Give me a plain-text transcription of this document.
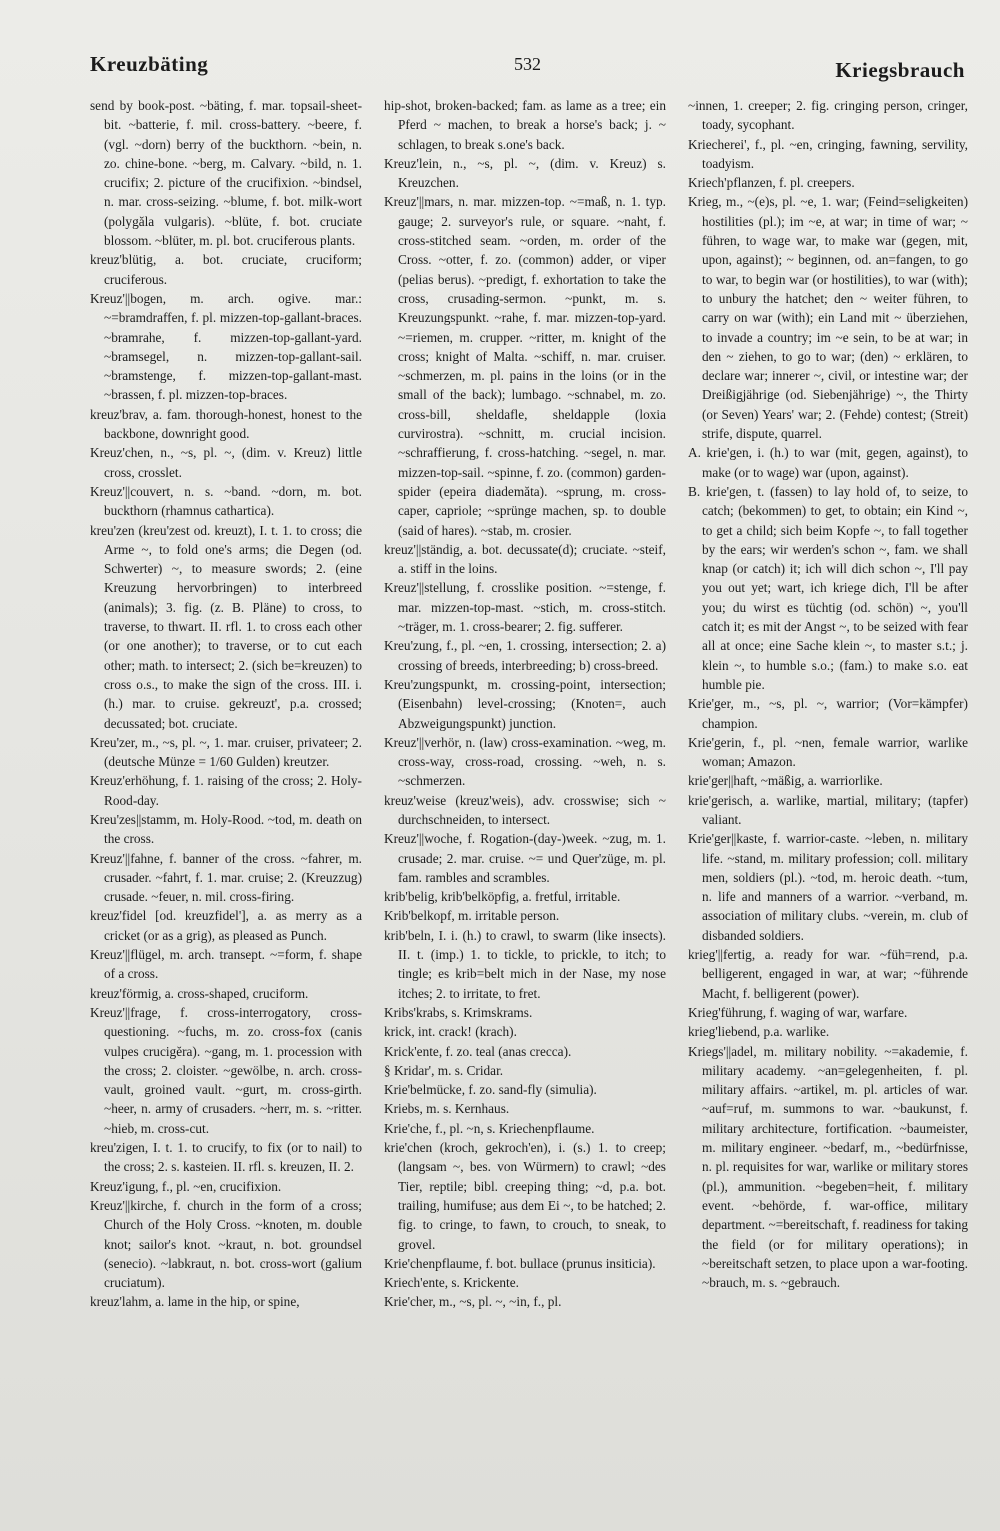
Kreuzbäting	532	Kriegsbrauch

send by book-post. ~bäting, f. mar. topsail-sheet-bit. ~batterie, f. mil. cross-battery. ~beere, f. (vgl. ~dorn) berry of the buckthorn. ~bein, n. zo. chine-bone. ~berg, m. Calvary. ~bild, n. 1. crucifix; 2. picture of the crucifixion. ~bindsel, n. mar. cross-seizing. ~blume, f. bot. milk-wort (polygăla vulgaris). ~blüte, f. bot. cruciate blossom. ~blüter, m. pl. bot. cruciferous plants.

kreuz'blütig, a. bot. cruciate, cruciform; cruciferous.

Kreuz'||bogen, m. arch. ogive. mar.: ~=bramdraffen, f. pl. mizzen-top-gallant-braces. ~bramrahe, f. mizzen-top-gallant-yard. ~bramsegel, n. mizzen-top-gallant-sail. ~bramstenge, f. mizzen-top-gallant-mast. ~brassen, f. pl. mizzen-top-braces.

kreuz'brav, a. fam. thorough-honest, honest to the backbone, downright good.

Kreuz'chen, n., ~s, pl. ~, (dim. v. Kreuz) little cross, crosslet.

Kreuz'||couvert, n. s. ~band. ~dorn, m. bot. buckthorn (rhamnus cathartica).

kreu'zen (kreu'zest od. kreuzt), I. t. 1. to cross; die Arme ~, to fold one's arms; die Degen (od. Schwerter) ~, to measure swords; 2. (eine Kreuzung hervorbringen) to interbreed (animals); 3. fig. (z. B. Pläne) to cross, to traverse, to thwart. II. rfl. 1. to cross each other (or one another); to traverse, or to cut each other; math. to intersect; 2. (sich be=kreuzen) to cross o.s., to make the sign of the cross. III. i. (h.) mar. to cruise. gekreuzt', p.a. crossed; decussated; bot. cruciate.

Kreu'zer, m., ~s, pl. ~, 1. mar. cruiser, privateer; 2. (deutsche Münze = 1/60 Gulden) kreutzer.

Kreuz'erhöhung, f. 1. raising of the cross; 2. Holy-Rood-day.

Kreu'zes||stamm, m. Holy-Rood. ~tod, m. death on the cross.

Kreuz'||fahne, f. banner of the cross. ~fahrer, m. crusader. ~fahrt, f. 1. mar. cruise; 2. (Kreuzzug) crusade. ~feuer, n. mil. cross-firing.

kreuz'fidel [od. kreuzfidel'], a. as merry as a cricket (or as a grig), as pleased as Punch.

Kreuz'||flügel, m. arch. transept. ~=form, f. shape of a cross.

kreuz'förmig, a. cross-shaped, cruciform.

Kreuz'||frage, f. cross-interrogatory, cross-questioning. ~fuchs, m. zo. cross-fox (canis vulpes crucigĕra). ~gang, m. 1. procession with the cross; 2. cloister. ~gewölbe, n. arch. cross-vault, groined vault. ~gurt, m. cross-girth. ~heer, n. army of crusaders. ~herr, m. s. ~ritter. ~hieb, m. cross-cut.

kreu'zigen, I. t. 1. to crucify, to fix (or to nail) to the cross; 2. s. kasteien. II. rfl. s. kreuzen, II. 2.

Kreuz'igung, f., pl. ~en, crucifixion.

Kreuz'||kirche, f. church in the form of a cross; Church of the Holy Cross. ~knoten, m. double knot; sailor's knot. ~kraut, n. bot. groundsel (senecio). ~labkraut, n. bot. cross-wort (galium cruciatum).

kreuz'lahm, a. lame in the hip, or spine,

hip-shot, broken-backed; fam. as lame as a tree; ein Pferd ~ machen, to break a horse's back; j. ~ schlagen, to break s.one's back.

Kreuz'lein, n., ~s, pl. ~, (dim. v. Kreuz) s. Kreuzchen.

Kreuz'||mars, n. mar. mizzen-top. ~=maß, n. 1. typ. gauge; 2. surveyor's rule, or square. ~naht, f. cross-stitched seam. ~orden, m. order of the Cross. ~otter, f. zo. (common) adder, or viper (pelias berus). ~predigt, f. exhortation to take the cross, crusading-sermon. ~punkt, m. s. Kreuzungspunkt. ~rahe, f. mar. mizzen-top-yard. ~=riemen, m. crupper. ~ritter, m. knight of the cross; knight of Malta. ~schiff, n. mar. cruiser. ~schmerzen, m. pl. pains in the loins (or in the small of the back); lumbago. ~schnabel, m. zo. cross-bill, sheldafle, sheldapple (loxia curvirostra). ~schnitt, m. crucial incision. ~schraffierung, f. cross-hatching. ~segel, n. mar. mizzen-top-sail. ~spinne, f. zo. (common) garden-spider (epeira diademăta). ~sprung, m. cross-caper, capriole; ~sprünge machen, sp. to double (said of hares). ~stab, m. crosier.

kreuz'||ständig, a. bot. decussate(d); cruciate. ~steif, a. stiff in the loins.

Kreuz'||stellung, f. crosslike position. ~=stenge, f. mar. mizzen-top-mast. ~stich, m. cross-stitch. ~träger, m. 1. cross-bearer; 2. fig. sufferer.

Kreu'zung, f., pl. ~en, 1. crossing, intersection; 2. a) crossing of breeds, interbreeding; b) cross-breed.

Kreu'zungspunkt, m. crossing-point, intersection; (Eisenbahn) level-crossing; (Knoten=, auch Abzweigungspunkt) junction.

Kreuz'||verhör, n. (law) cross-examination. ~weg, m. cross-way, cross-road, crossing. ~weh, n. s. ~schmerzen.

kreuz'weise (kreuz'weis), adv. crosswise; sich ~ durchschneiden, to intersect.

Kreuz'||woche, f. Rogation-(day-)week. ~zug, m. 1. crusade; 2. mar. cruise. ~= und Quer'züge, m. pl. fam. rambles and scrambles.

krib'belig, krib'belköpfig, a. fretful, irritable.

Krib'belkopf, m. irritable person.

krib'beln, I. i. (h.) to crawl, to swarm (like insects). II. t. (imp.) 1. to tickle, to prickle, to itch; to tingle; es krib=belt mich in der Nase, my nose itches; 2. to irritate, to fret.

Kribs'krabs, s. Krimskrams.

krick, int. crack! (krach).

Krick'ente, f. zo. teal (anas crecca).

§ Kridar', m. s. Cridar.

Krie'belmücke, f. zo. sand-fly (simulia).

Kriebs, m. s. Kernhaus.

Krie'che, f., pl. ~n, s. Kriechenpflaume.

krie'chen (kroch, gekroch'en), i. (s.) 1. to creep; (langsam ~, bes. von Würmern) to crawl; ~des Tier, reptile; bibl. creeping thing; ~d, p.a. bot. trailing, humifuse; aus dem Ei ~, to be hatched; 2. fig. to cringe, to fawn, to crouch, to sneak, to grovel.

Krie'chenpflaume, f. bot. bullace (prunus insiticia).

Kriech'ente, s. Krickente.

Krie'cher, m., ~s, pl. ~, ~in, f., pl.

~innen, 1. creeper; 2. fig. cringing person, cringer, toady, sycophant.

Kriecherei', f., pl. ~en, cringing, fawning, servility, toadyism.

Kriech'pflanzen, f. pl. creepers.

Krieg, m., ~(e)s, pl. ~e, 1. war; (Feind=seligkeiten) hostilities (pl.); im ~e, at war; in time of war; ~ führen, to wage war, to make war (gegen, mit, upon, against); ~ beginnen, od. an=fangen, to go to war, to begin war (or hostilities), to war (with); to unbury the hatchet; den ~ weiter führen, to carry on war (with); ein Land mit ~ überziehen, to invade a country; im ~e sein, to be at war; in den ~ ziehen, to go to war; (den) ~ erklären, to declare war; innerer ~, civil, or intestine war; der Dreißigjährige (od. Siebenjährige) ~, the Thirty (or Seven) Years' war; 2. (Fehde) contest; (Streit) strife, dispute, quarrel.

A. krie'gen, i. (h.) to war (mit, gegen, against), to make (or to wage) war (upon, against).

B. krie'gen, t. (fassen) to lay hold of, to seize, to catch; (bekommen) to get, to obtain; ein Kind ~, to get a child; sich beim Kopfe ~, to fall together by the ears; wir werden's schon ~, fam. we shall knap (or catch) it; ich will dich schon ~, I'll pay you out yet; wart, ich kriege dich, I'll be after you; du wirst es tüchtig (od. schön) ~, you'll catch it; es mit der Angst ~, to be seized with fear all at once; eine Sache klein ~, to master s.t.; j. klein ~, to humble s.o.; (fam.) to make s.o. eat humble pie.

Krie'ger, m., ~s, pl. ~, warrior; (Vor=kämpfer) champion.

Krie'gerin, f., pl. ~nen, female warrior, warlike woman; Amazon.

krie'ger||haft, ~mäßig, a. warriorlike.

krie'gerisch, a. warlike, martial, military; (tapfer) valiant.

Krie'ger||kaste, f. warrior-caste. ~leben, n. military life. ~stand, m. military profession; coll. military men, soldiers (pl.). ~tod, m. heroic death. ~tum, n. life and manners of a warrior. ~verband, m. association of military clubs. ~verein, m. club of disbanded soldiers.

krieg'||fertig, a. ready for war. ~füh=rend, p.a. belligerent, engaged in war, at war; ~führende Macht, f. belligerent (power).

Krieg'führung, f. waging of war, warfare.

krieg'liebend, p.a. warlike.

Kriegs'||adel, m. military nobility. ~=akademie, f. military academy. ~an=gelegenheiten, f. pl. military affairs. ~artikel, m. pl. articles of war. ~auf=ruf, m. summons to war. ~baukunst, f. military architecture, fortification. ~baumeister, m. military engineer. ~bedarf, m., ~bedürfnisse, n. pl. requisites for war, warlike or military stores (pl.), ammunition. ~begeben=heit, f. military event. ~behörde, f. war-office, military department. ~=bereitschaft, f. readiness for taking the field (or for military operations); in ~bereitschaft setzen, to place upon a war-footing. ~brauch, m. s. ~gebrauch.
